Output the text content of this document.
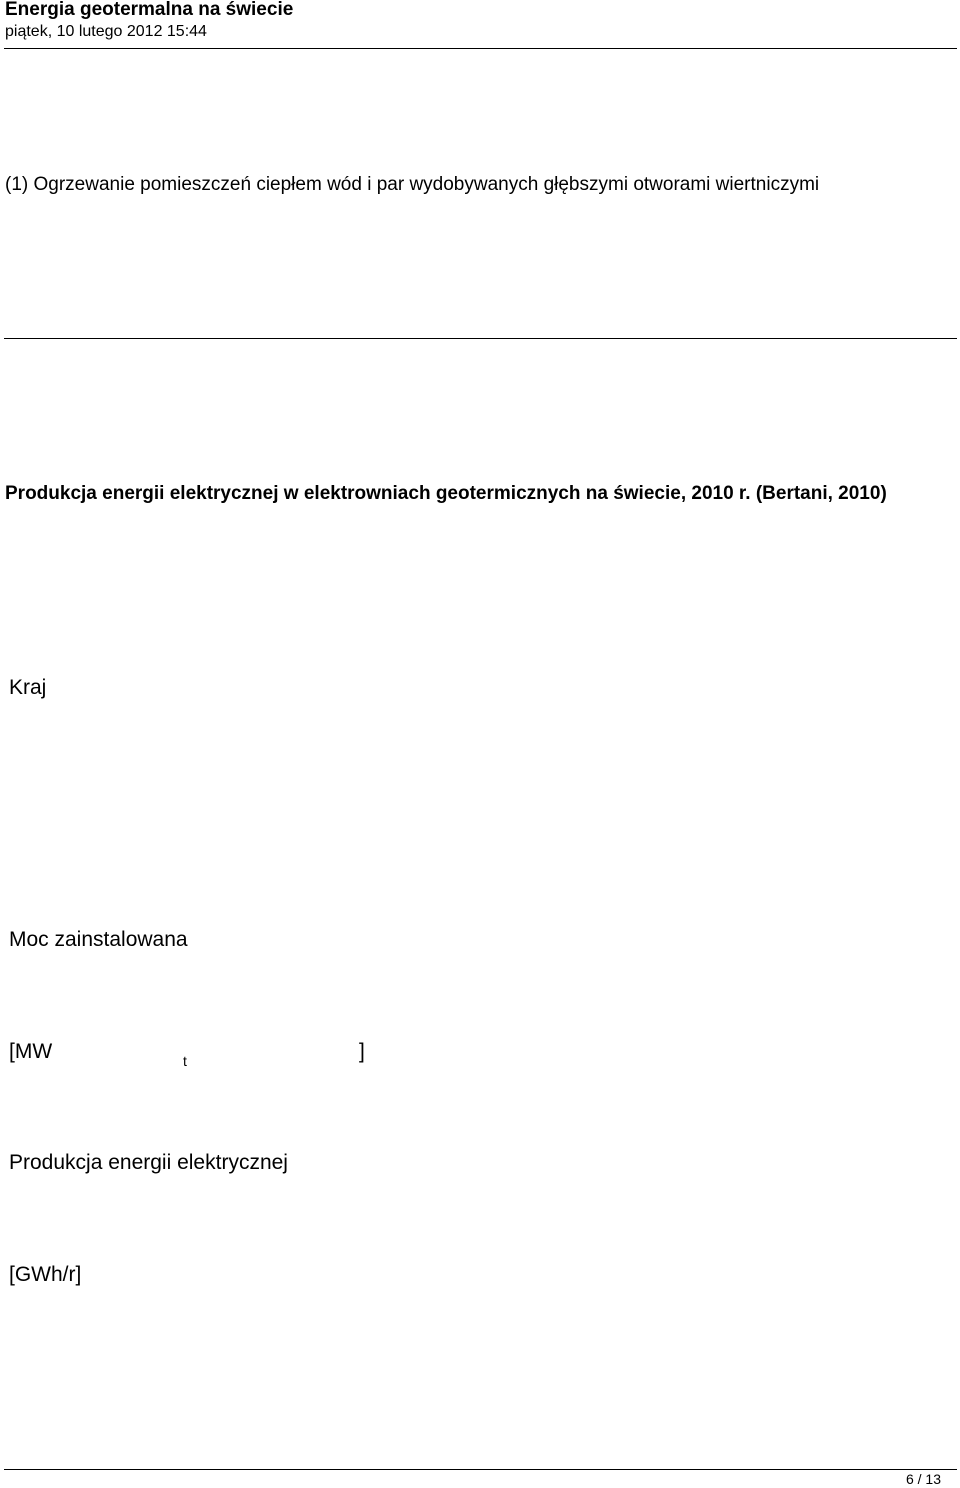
Energia geotermalna na świecie
piątek, 10 lutego 2012 15:44
(1) Ogrzewanie pomieszczeń ciepłem wód i par wydobywanych głębszymi otworami wiertniczymi
Produkcja energii elektrycznej w elektrowniach geotermicznych na świecie, 2010 r. (Bertani, 2010)
Kraj
Moc zainstalowana
[MW	t	]
Produkcja energii elektrycznej
[GWh/r]
6 / 13
